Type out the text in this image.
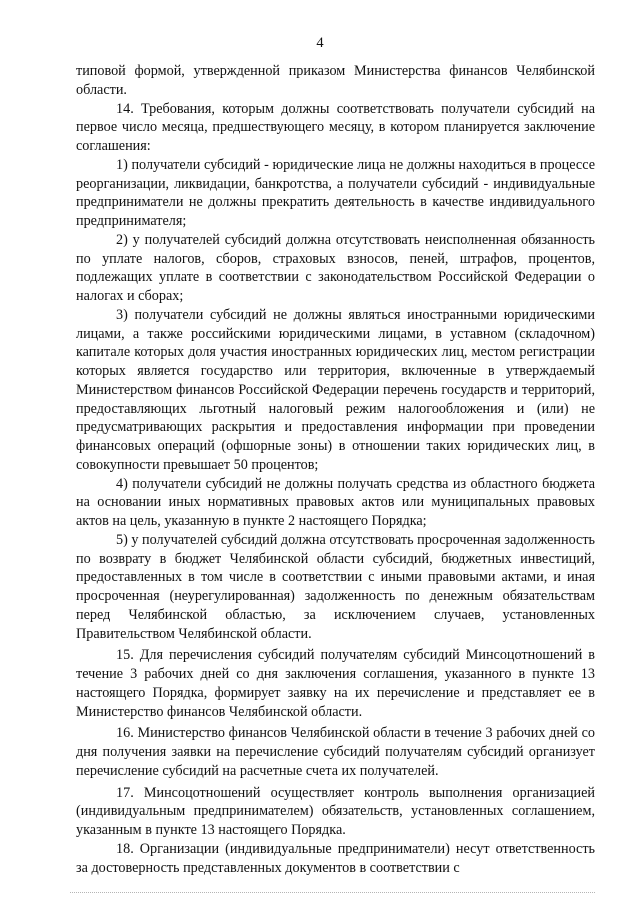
4

типовой формой, утвержденной приказом Министерства финансов Челябинской области.

14. Требования, которым должны соответствовать получатели субсидий на первое число месяца, предшествующего месяцу, в котором планируется заключение соглашения:

1) получатели субсидий - юридические лица не должны находиться в процессе реорганизации, ликвидации, банкротства, а получатели субсидий - индивидуальные предприниматели не должны прекратить деятельность в качестве индивидуального предпринимателя;

2) у получателей субсидий должна отсутствовать неисполненная обязанность по уплате налогов, сборов, страховых взносов, пеней, штрафов, процентов, подлежащих уплате в соответствии с законодательством Российской Федерации о налогах и сборах;

3) получатели субсидий не должны являться иностранными юридическими лицами, а также российскими юридическими лицами, в уставном (складочном) капитале которых доля участия иностранных юридических лиц, местом регистрации которых является государство или территория, включенные в утверждаемый Министерством финансов Российской Федерации перечень государств и территорий, предоставляющих льготный налоговый режим налогообложения и (или) не предусматривающих раскрытия и предоставления информации при проведении финансовых операций (офшорные зоны) в отношении таких юридических лиц, в совокупности превышает 50 процентов;

4) получатели субсидий не должны получать средства из областного бюджета на основании иных нормативных правовых актов или муниципальных правовых актов на цель, указанную в пункте 2 настоящего Порядка;

5) у получателей субсидий должна отсутствовать просроченная задолженность по возврату в бюджет Челябинской области субсидий, бюджетных инвестиций, предоставленных в том числе в соответствии с иными правовыми актами, и иная просроченная (неурегулированная) задолженность по денежным обязательствам перед Челябинской областью, за исключением случаев, установленных Правительством Челябинской области.

15. Для перечисления субсидий получателям субсидий Минсоцотношений в течение 3 рабочих дней со дня заключения соглашения, указанного в пункте 13 настоящего Порядка, формирует заявку на их перечисление и представляет ее в Министерство финансов Челябинской области.

16. Министерство финансов Челябинской области в течение 3 рабочих дней со дня получения заявки на перечисление субсидий получателям субсидий организует перечисление субсидий на расчетные счета их получателей.

17. Минсоцотношений осуществляет контроль выполнения организацией (индивидуальным предпринимателем) обязательств, установленных соглашением, указанным в пункте 13 настоящего Порядка.

18. Организации (индивидуальные предприниматели) несут ответственность за достоверность представленных документов в соответствии с
